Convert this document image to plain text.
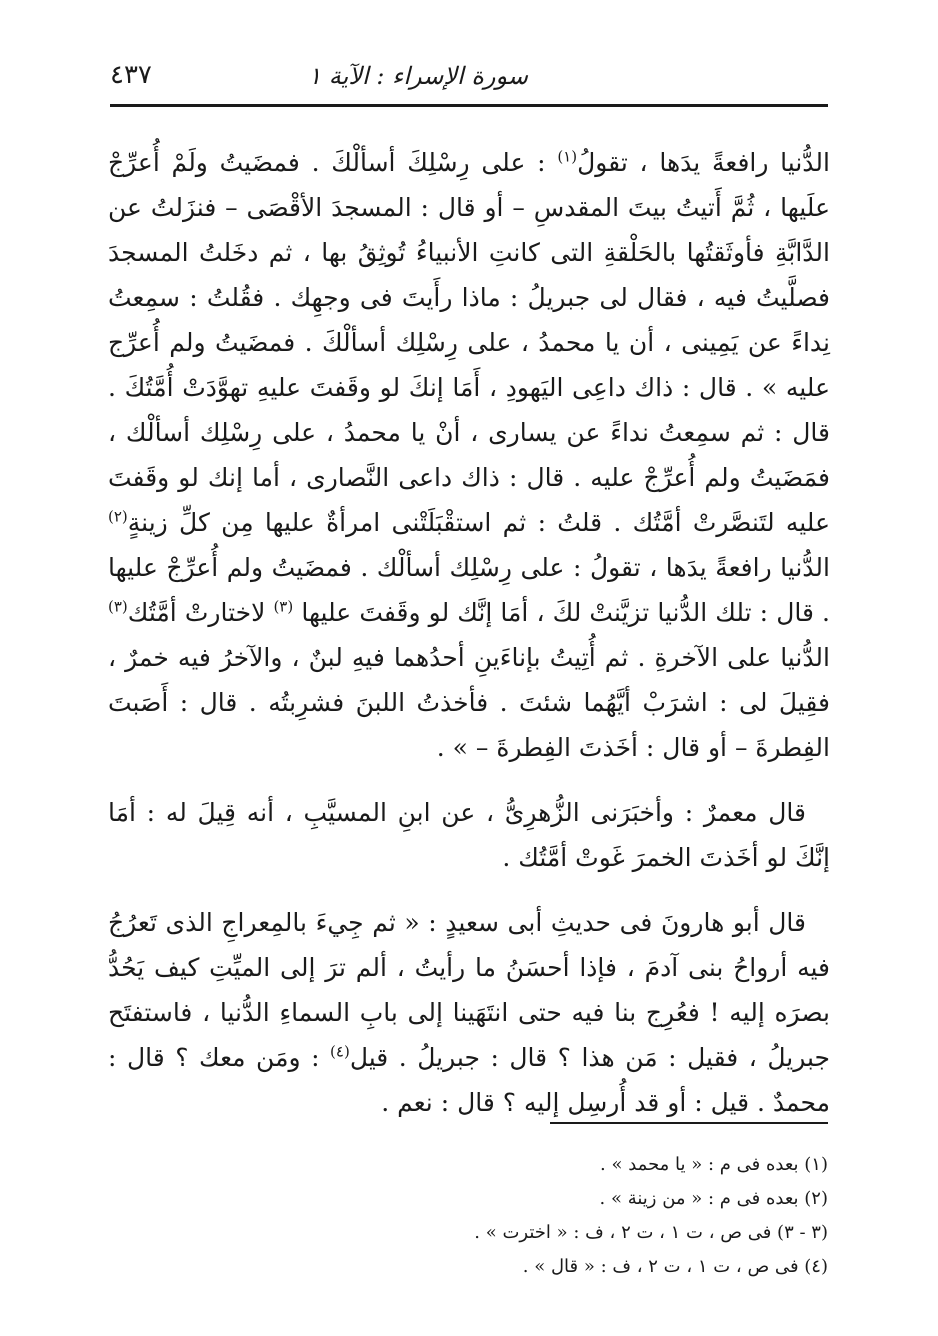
سورة الإسراء : الآية ١
٤٣٧

الدُّنيا رافعةً يدَها ، تقولُ$^{(١)}$ : على رِسْلِكَ أسألْكَ . فمضَيتُ ولَمْ أُعرِّجْ علَيها ، ثُمَّ أَتيتُ بيتَ المقدسِ – أو قال : المسجدَ الأقْصَى – فنزَلتُ عن الدَّابَّةِ فأوثَقتُها بالحَلْقةِ التى كانتِ الأنبياءُ تُوثِقُ بها ، ثم دخَلتُ المسجدَ فصلَّيتُ فيه ، فقال لى جبريلُ : ماذا رأَيتَ فى وجهِك . فقُلتُ : سمِعتُ نِداءً عن يَمِينى ، أن يا محمدُ ، على رِسْلِك أسألْكَ . فمضَيتُ ولم أُعرِّج عليه » . قال : ذاك داعِى اليَهودِ ، أَمَا إنكَ لو وقَفتَ عليهِ تهوَّدَتْ أُمَّتُكَ . قال : ثم سمِعتُ نداءً عن يسارى ، أنْ يا محمدُ ، على رِسْلِك أسألْك ، فمَضَيتُ ولم أُعرِّجْ عليه . قال : ذاك داعى النَّصارى ، أما إنك لو وقَفتَ عليه لتَنصَّرتْ أمَّتُك . قلتُ : ثم استقْبَلَتْنى امرأةٌ عليها مِن كلِّ زينةٍ$^{(٢)}$ الدُّنيا رافعةً يدَها ، تقولُ : على رِسْلِك أسألْك . فمضَيتُ ولم أُعرِّجْ عليها . قال : تلك الدُّنيا تزيَّنتْ لكَ ، أمَا إنَّك لو وقَفتَ عليها $^{(٣)}$ لاختارتْ أمَّتُك$^{(٣)}$ الدُّنيا على الآخرةِ . ثم أُتِيتُ بإناءَينِ أحدُهما فيهِ لبنٌ ، والآخرُ فيه خمرٌ ، فقِيلَ لى : اشرَبْ أيَّهُما شئتَ . فأخذتُ اللبنَ فشرِبتُه . قال : أَصَبتَ الفِطرةَ – أو قال : أخَذتَ الفِطرةَ – » .

قال معمرٌ : وأخبَرَنى الزُّهرِىُّ ، عن ابنِ المسيَّبِ ، أنه قِيلَ له : أمَا إنَّكَ لو أخَذتَ الخمرَ غَوتْ أمَّتُك .

قال أبو هارونَ فى حديثِ أبى سعيدٍ : « ثم جِيءَ بالمِعراجِ الذى تَعرُجُ فيه أرواحُ بنى آدمَ ، فإذا أحسَنُ ما رأيتُ ، ألم ترَ إلى الميِّتِ كيف يَحُدُّ بصرَه إليه ! فعُرِج بنا فيه حتى انتَهَينا إلى بابِ السماءِ الدُّنيا ، فاستفتَح جبريلُ ، فقيل : مَن هذا ؟ قال : جبريلُ . قيل$^{(٤)}$ : ومَن معك ؟ قال : محمدٌ . قيل : أو قد أُرسِل إليه ؟ قال : نعم .

(١) بعده فى م : « يا محمد » .

(٢) بعده فى م : « من زينة » .

(٣ - ٣) فى ص ، ت ١ ، ت ٢ ، ف : « اخترت » .

(٤) فى ص ، ت ١ ، ت ٢ ، ف : « قال » .
